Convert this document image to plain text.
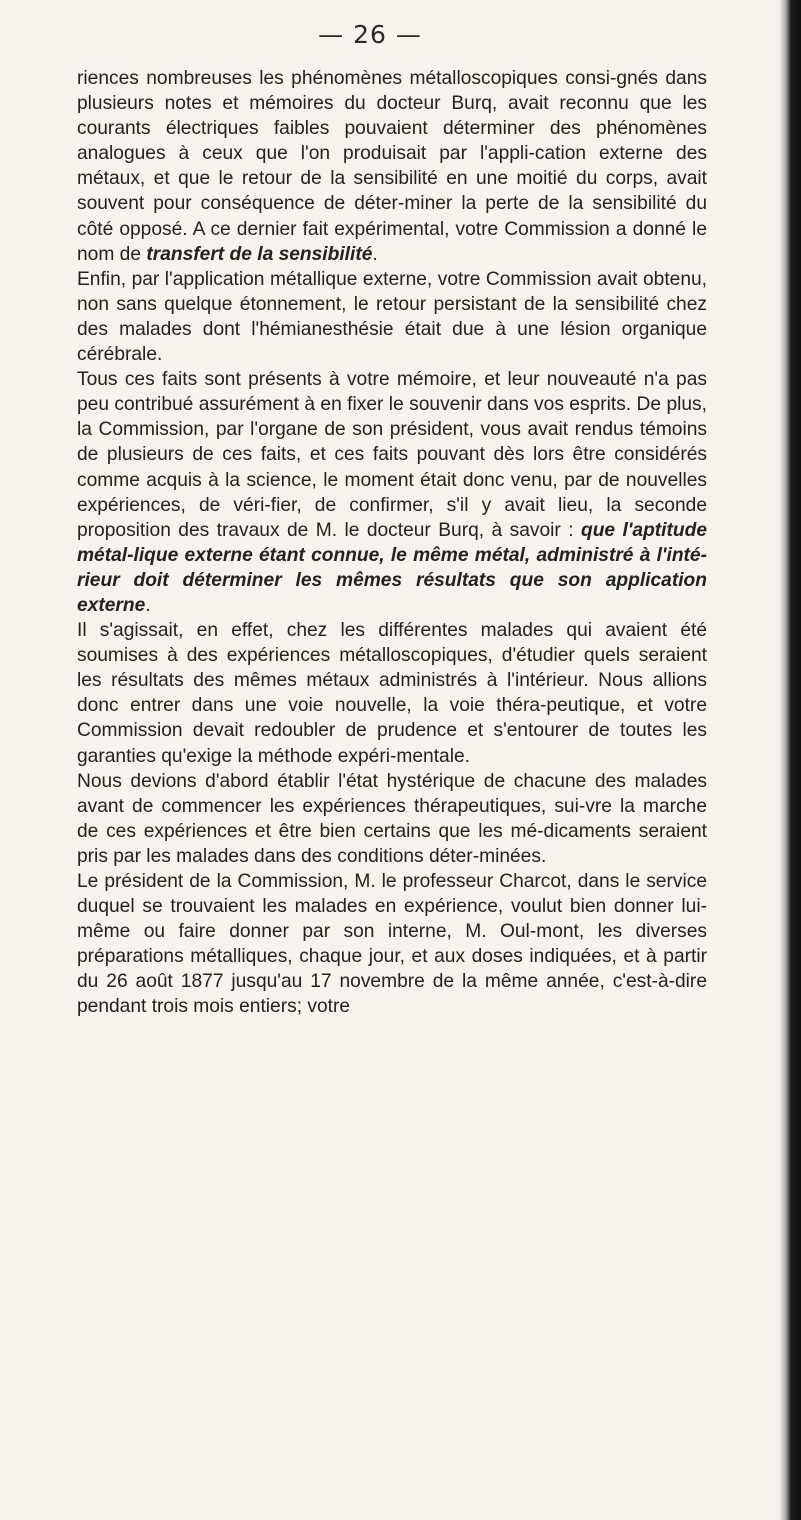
— 26 —

riences nombreuses les phénomènes métalloscopiques consi-gnés dans plusieurs notes et mémoires du docteur Burq, avait reconnu que les courants électriques faibles pouvaient déterminer des phénomènes analogues à ceux que l'on produisait par l'appli-cation externe des métaux, et que le retour de la sensibilité en une moitié du corps, avait souvent pour conséquence de déter-miner la perte de la sensibilité du côté opposé. A ce dernier fait expérimental, votre Commission a donné le nom de transfert de la sensibilité.

Enfin, par l'application métallique externe, votre Commission avait obtenu, non sans quelque étonnement, le retour persistant de la sensibilité chez des malades dont l'hémianesthésie était due à une lésion organique cérébrale.

Tous ces faits sont présents à votre mémoire, et leur nouveauté n'a pas peu contribué assurément à en fixer le souvenir dans vos esprits. De plus, la Commission, par l'organe de son président, vous avait rendus témoins de plusieurs de ces faits, et ces faits pouvant dès lors être considérés comme acquis à la science, le moment était donc venu, par de nouvelles expériences, de véri-fier, de confirmer, s'il y avait lieu, la seconde proposition des travaux de M. le docteur Burq, à savoir : que l'aptitude métal-lique externe étant connue, le même métal, administré à l'inté-rieur doit déterminer les mêmes résultats que son application externe.

Il s'agissait, en effet, chez les différentes malades qui avaient été soumises à des expériences métalloscopiques, d'étudier quels seraient les résultats des mêmes métaux administrés à l'intérieur. Nous allions donc entrer dans une voie nouvelle, la voie théra-peutique, et votre Commission devait redoubler de prudence et s'entourer de toutes les garanties qu'exige la méthode expéri-mentale.

Nous devions d'abord établir l'état hystérique de chacune des malades avant de commencer les expériences thérapeutiques, sui-vre la marche de ces expériences et être bien certains que les mé-dicaments seraient pris par les malades dans des conditions déter-minées.

Le président de la Commission, M. le professeur Charcot, dans le service duquel se trouvaient les malades en expérience, voulut bien donner lui-même ou faire donner par son interne, M. Oul-mont, les diverses préparations métalliques, chaque jour, et aux doses indiquées, et à partir du 26 août 1877 jusqu'au 17 novembre de la même année, c'est-à-dire pendant trois mois entiers; votre
